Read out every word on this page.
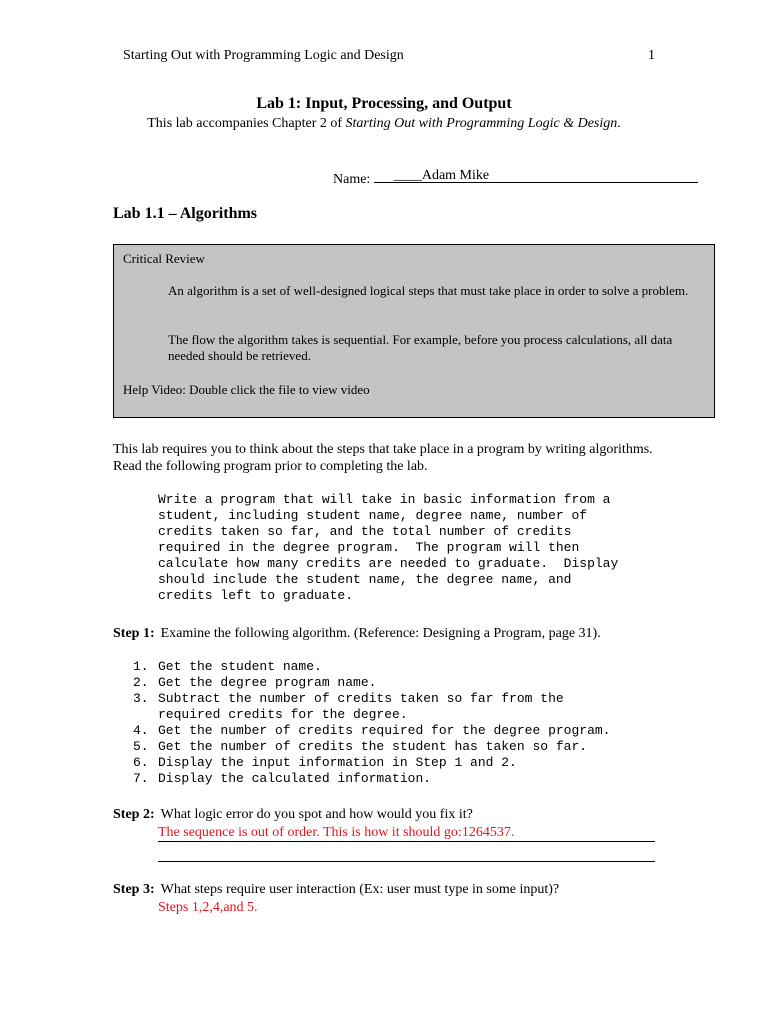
Starting Out with Programming Logic and Design	1
Lab 1: Input, Processing, and Output
This lab accompanies Chapter 2 of Starting Out with Programming Logic & Design.
Name: ____Adam Mike
Lab 1.1 – Algorithms
Critical Review
An algorithm is a set of well-designed logical steps that must take place in order to solve a problem.
The flow the algorithm takes is sequential. For example, before you process calculations, all data needed should be retrieved.
Help Video: Double click the file to view video
This lab requires you to think about the steps that take place in a program by writing algorithms. Read the following program prior to completing the lab.
Write a program that will take in basic information from a
student, including student name, degree name, number of
credits taken so far, and the total number of credits
required in the degree program.  The program will then
calculate how many credits are needed to graduate.  Display
should include the student name, the degree name, and
credits left to graduate.
Step 1: Examine the following algorithm. (Reference: Designing a Program, page 31).
1. Get the student name.
2. Get the degree program name.
3. Subtract the number of credits taken so far from the
required credits for the degree.
4. Get the number of credits required for the degree program.
5. Get the number of credits the student has taken so far.
6. Display the input information in Step 1 and 2.
7. Display the calculated information.
Step 2: What logic error do you spot and how would you fix it?
The sequence is out of order. This is how it should go:1264537.
Step 3: What steps require user interaction (Ex: user must type in some input)?
Steps 1,2,4,and 5.
